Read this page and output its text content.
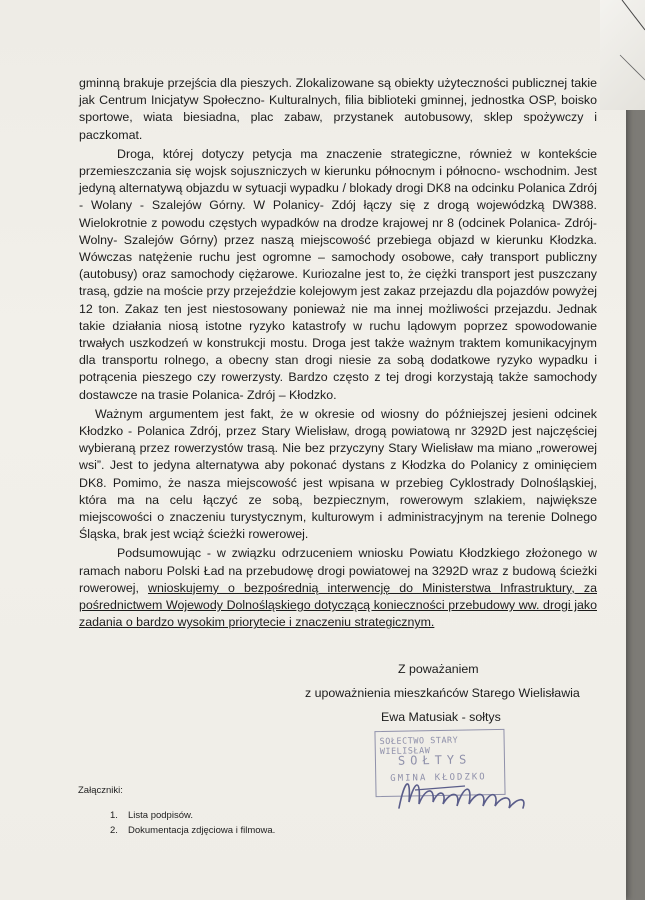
gminną brakuje przejścia dla pieszych. Zlokalizowane są obiekty użyteczności publicznej takie jak Centrum Inicjatyw Społeczno- Kulturalnych, filia biblioteki gminnej, jednostka OSP, boisko sportowe, wiata biesiadna, plac zabaw, przystanek autobusowy, sklep spożywczy i paczkomat.

Droga, której dotyczy petycja ma znaczenie strategiczne, również w kontekście przemieszczania się wojsk sojuszniczych w kierunku północnym i północno- wschodnim. Jest jedyną alternatywą objazdu w sytuacji wypadku / blokady drogi DK8 na odcinku Polanica Zdrój - Wolany - Szalejów Górny. W Polanicy- Zdój łączy się z drogą wojewódzką DW388. Wielokrotnie z powodu częstych wypadków na drodze krajowej nr 8 (odcinek Polanica- Zdrój- Wolny- Szalejów Górny) przez naszą miejscowość przebiega objazd w kierunku Kłodzka. Wówczas natężenie ruchu jest ogromne – samochody osobowe, cały transport publiczny (autobusy) oraz samochody ciężarowe. Kuriozalne jest to, że ciężki transport jest puszczany trasą, gdzie na moście przy przejeździe kolejowym jest zakaz przejazdu dla pojazdów powyżej 12 ton. Zakaz ten jest niestosowany ponieważ nie ma innej możliwości przejazdu. Jednak takie działania niosą istotne ryzyko katastrofy w ruchu lądowym poprzez spowodowanie trwałych uszkodzeń w konstrukcji mostu. Droga jest także ważnym traktem komunikacyjnym dla transportu rolnego, a obecny stan drogi niesie za sobą dodatkowe ryzyko wypadku i potrącenia pieszego czy rowerzysty. Bardzo często z tej drogi korzystają także samochody dostawcze na trasie Polanica- Zdrój – Kłodzko.

Ważnym argumentem jest fakt, że w okresie od wiosny do późniejszej jesieni odcinek Kłodzko - Polanica Zdrój, przez Stary Wielisław, drogą powiatową nr 3292D jest najczęściej wybieraną przez rowerzystów trasą. Nie bez przyczyny Stary Wielisław ma miano „rowerowej wsi”. Jest to jedyna alternatywa aby pokonać dystans z Kłodzka do Polanicy z ominięciem DK8. Pomimo, że nasza miejscowość jest wpisana w przebieg Cyklostrady Dolnośląskiej, która ma na celu łączyć ze sobą, bezpiecznym, rowerowym szlakiem, największe miejscowości o znaczeniu turystycznym, kulturowym i administracyjnym na terenie Dolnego Śląska, brak jest wciąż ścieżki rowerowej.

Podsumowując - w związku odrzuceniem wniosku Powiatu Kłodzkiego złożonego w ramach naboru Polski Ład na przebudowę drogi powiatowej na 3292D wraz z budową ścieżki rowerowej, wnioskujemy o bezpośrednią interwencję do Ministerstwa Infrastruktury, za pośrednictwem Wojewody Dolnośląskiego dotyczącą konieczności przebudowy ww. drogi jako zadania o bardzo wysokim priorytecie i znaczeniu strategicznym.

Z poważaniem
z upoważnienia mieszkańców Starego Wielisławia
Ewa Matusiak - sołtys
SOŁECTWO STARY WIELISŁAW
SOŁTYS
GMINA KŁODZKO
Załączniki:
1. Lista podpisów.
2. Dokumentacja zdjęciowa i filmowa.
